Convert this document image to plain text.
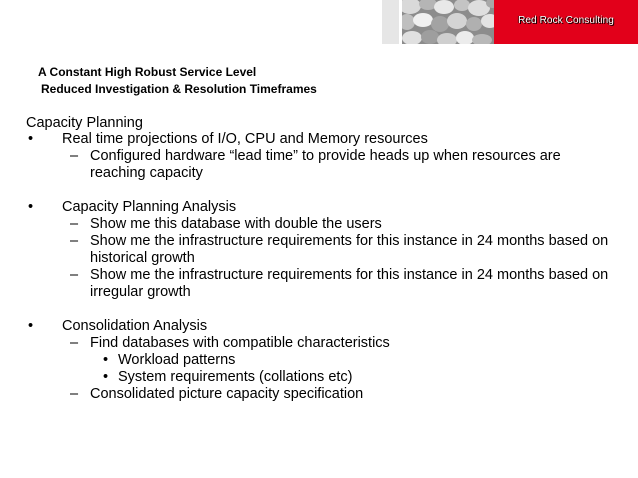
Red Rock Consulting
A Constant High Robust Service Level
Reduced Investigation & Resolution Timeframes
Capacity Planning
• Real time projections of I/O, CPU and Memory resources
– Configured hardware “lead time” to provide heads up when resources are reaching capacity
• Capacity Planning Analysis
– Show me this database with double the users
– Show me the infrastructure requirements for this instance in 24 months based on historical growth
– Show me the infrastructure requirements for this instance in 24 months based on irregular growth
• Consolidation Analysis
– Find databases with compatible characteristics
• Workload patterns
• System requirements (collations etc)
– Consolidated picture capacity specification
